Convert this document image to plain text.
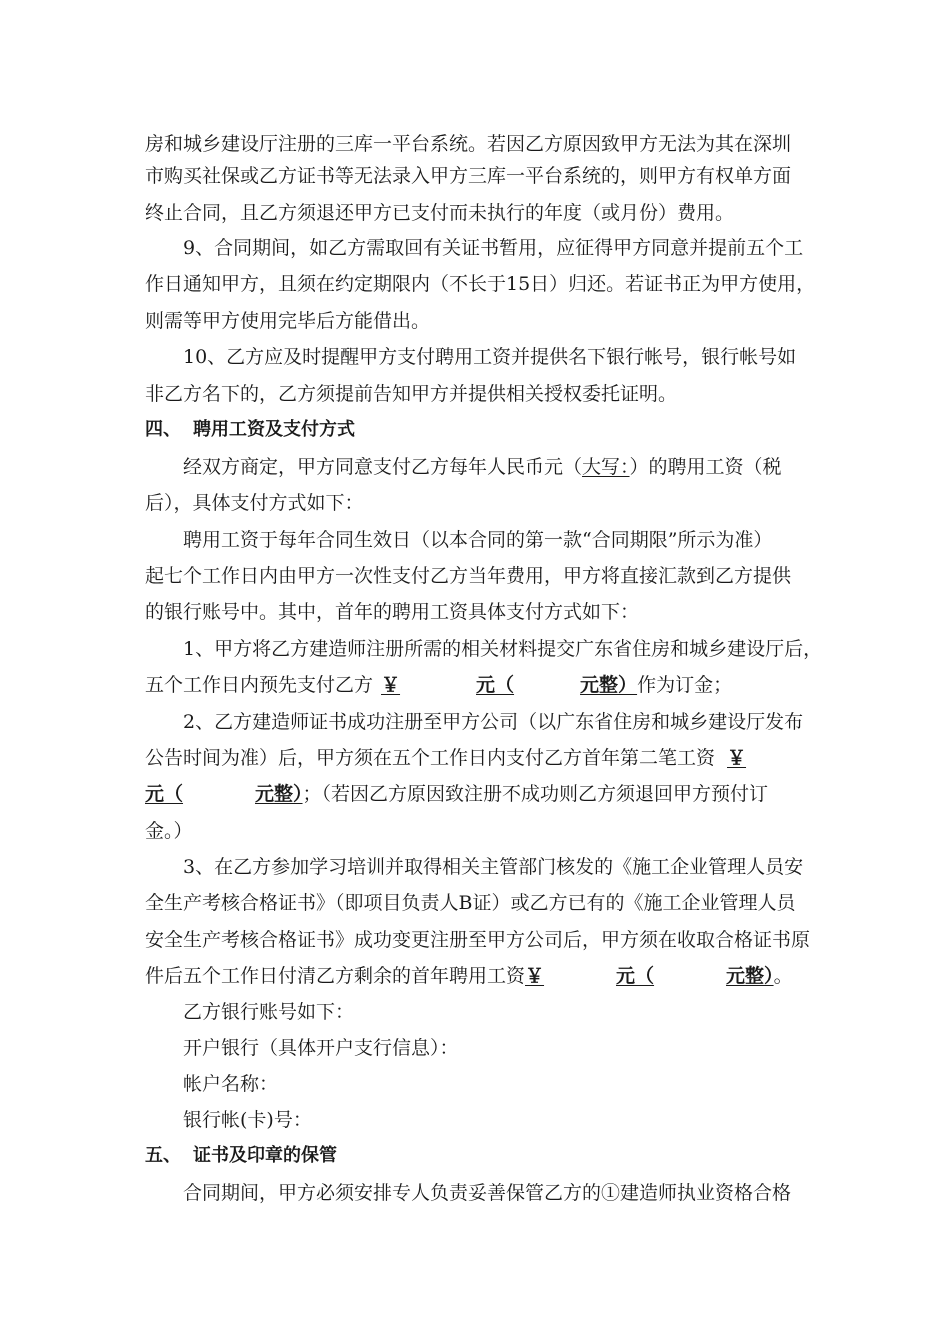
房和城乡建设厅注册的三库一平台系统。若因乙方原因致甲方无法为其在深圳
市购买社保或乙方证书等无法录入甲方三库一平台系统的，则甲方有权单方面
终止合同，且乙方须退还甲方已支付而未执行的年度（或月份）费用。
9、合同期间，如乙方需取回有关证书暂用，应征得甲方同意并提前五个工
作日通知甲方，且须在约定期限内（不长于15日）归还。若证书正为甲方使用，
则需等甲方使用完毕后方能借出。
10、乙方应及时提醒甲方支付聘用工资并提供名下银行帐号，银行帐号如
非乙方名下的，乙方须提前告知甲方并提供相关授权委托证明。
四、 聘用工资及支付方式
经双方商定，甲方同意支付乙方每年人民币元（大写：）的聘用工资（税
后），具体支付方式如下：
聘用工资于每年合同生效日（以本合同的第一款“合同期限”所示为准）
起七个工作日内由甲方一次性支付乙方当年费用，甲方将直接汇款到乙方提供
的银行账号中。其中，首年的聘用工资具体支付方式如下：
1、甲方将乙方建造师注册所需的相关材料提交广东省住房和城乡建设厅后，
五个工作日内预先支付乙方 ￥	元（	元整）作为订金；
2、乙方建造师证书成功注册至甲方公司（以广东省住房和城乡建设厅发布
公告时间为准）后，甲方须在五个工作日内支付乙方首年第二笔工资 ￥
元（	元整）；（若因乙方原因致注册不成功则乙方须退回甲方预付订
金。）
3、在乙方参加学习培训并取得相关主管部门核发的《施工企业管理人员安
全生产考核合格证书》（即项目负责人B证）或乙方已有的《施工企业管理人员
安全生产考核合格证书》成功变更注册至甲方公司后，甲方须在收取合格证书原
件后五个工作日付清乙方剩余的首年聘用工资￥	元（	元整）。
乙方银行账号如下：
开户银行（具体开户支行信息）：
帐户名称：
银行帐(卡)号：
五、 证书及印章的保管
合同期间，甲方必须安排专人负责妥善保管乙方的①建造师执业资格合格
